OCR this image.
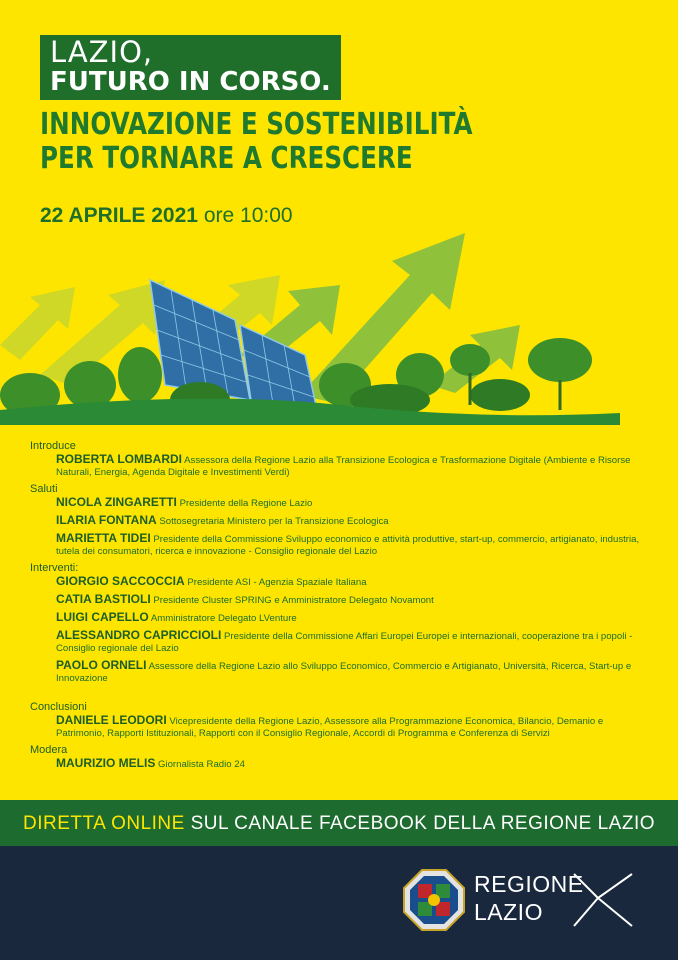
LAZIO,
FUTURO IN CORSO.
INNOVAZIONE E SOSTENIBILITÀ
PER TORNARE A CRESCERE
22 APRILE 2021 ore 10:00
Introduce
ROBERTA LOMBARDI Assessora della Regione Lazio alla Transizione Ecologica e Trasformazione Digitale (Ambiente e Risorse Naturali, Energia, Agenda Digitale e Investimenti Verdi)
Saluti
NICOLA ZINGARETTI Presidente della Regione Lazio
ILARIA FONTANA Sottosegretaria Ministero per la Transizione Ecologica
MARIETTA TIDEI Presidente della Commissione Sviluppo economico e attività produttive, start-up, commercio, artigianato, industria, tutela dei consumatori, ricerca e innovazione - Consiglio regionale del Lazio
Interventi:
GIORGIO SACCOCCIA Presidente ASI - Agenzia Spaziale Italiana
CATIA BASTIOLI Presidente Cluster SPRING e Amministratore Delegato Novamont
LUIGI CAPELLO Amministratore Delegato LVenture
ALESSANDRO CAPRICCIOLI Presidente della Commissione Affari Europei Europei e internazionali, cooperazione tra i popoli - Consiglio regionale del Lazio
PAOLO ORNELI Assessore della Regione Lazio allo Sviluppo Economico, Commercio e Artigianato, Università, Ricerca, Start-up e Innovazione
Conclusioni
DANIELE LEODORI Vicepresidente della Regione Lazio, Assessore alla Programmazione Economica, Bilancio, Demanio e Patrimonio, Rapporti Istituzionali, Rapporti con il Consiglio Regionale, Accordi di Programma e Conferenza di Servizi
Modera
MAURIZIO MELIS Giornalista Radio 24
DIRETTA ONLINE SUL CANALE FACEBOOK DELLA REGIONE LAZIO
REGIONE
LAZIO
